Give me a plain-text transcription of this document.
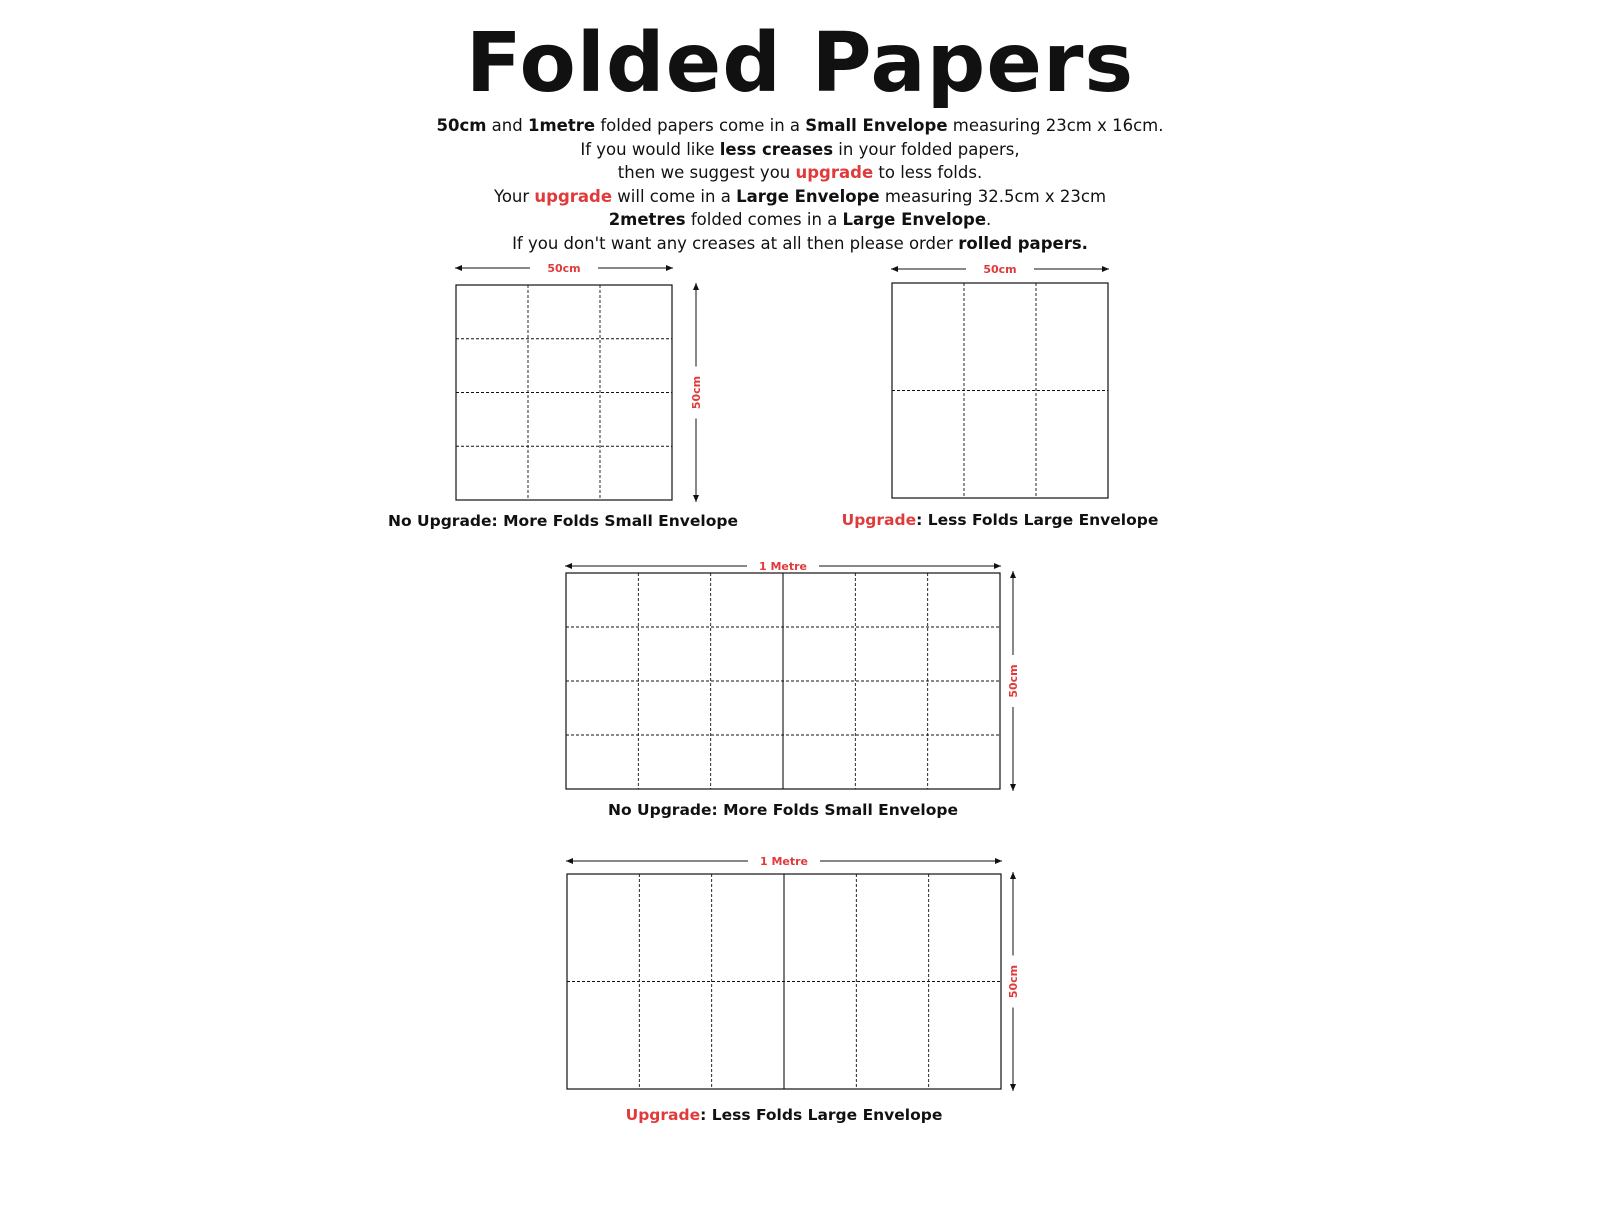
Folded Papers
50cm and 1metre folded papers come in a Small Envelope measuring 23cm x 16cm.
If you would like less creases in your folded papers,
then we suggest you upgrade to less folds.
Your upgrade will come in a Large Envelope measuring 32.5cm x 23cm
2metres folded comes in a Large Envelope.
If you don't want any creases at all then please order rolled papers.
50cm
50cm
50cm
1 Metre
50cm
1 Metre
50cm
No Upgrade: More Folds Small Envelope	Upgrade: Less Folds Large Envelope
No Upgrade: More Folds Small Envelope
Upgrade: Less Folds Large Envelope
